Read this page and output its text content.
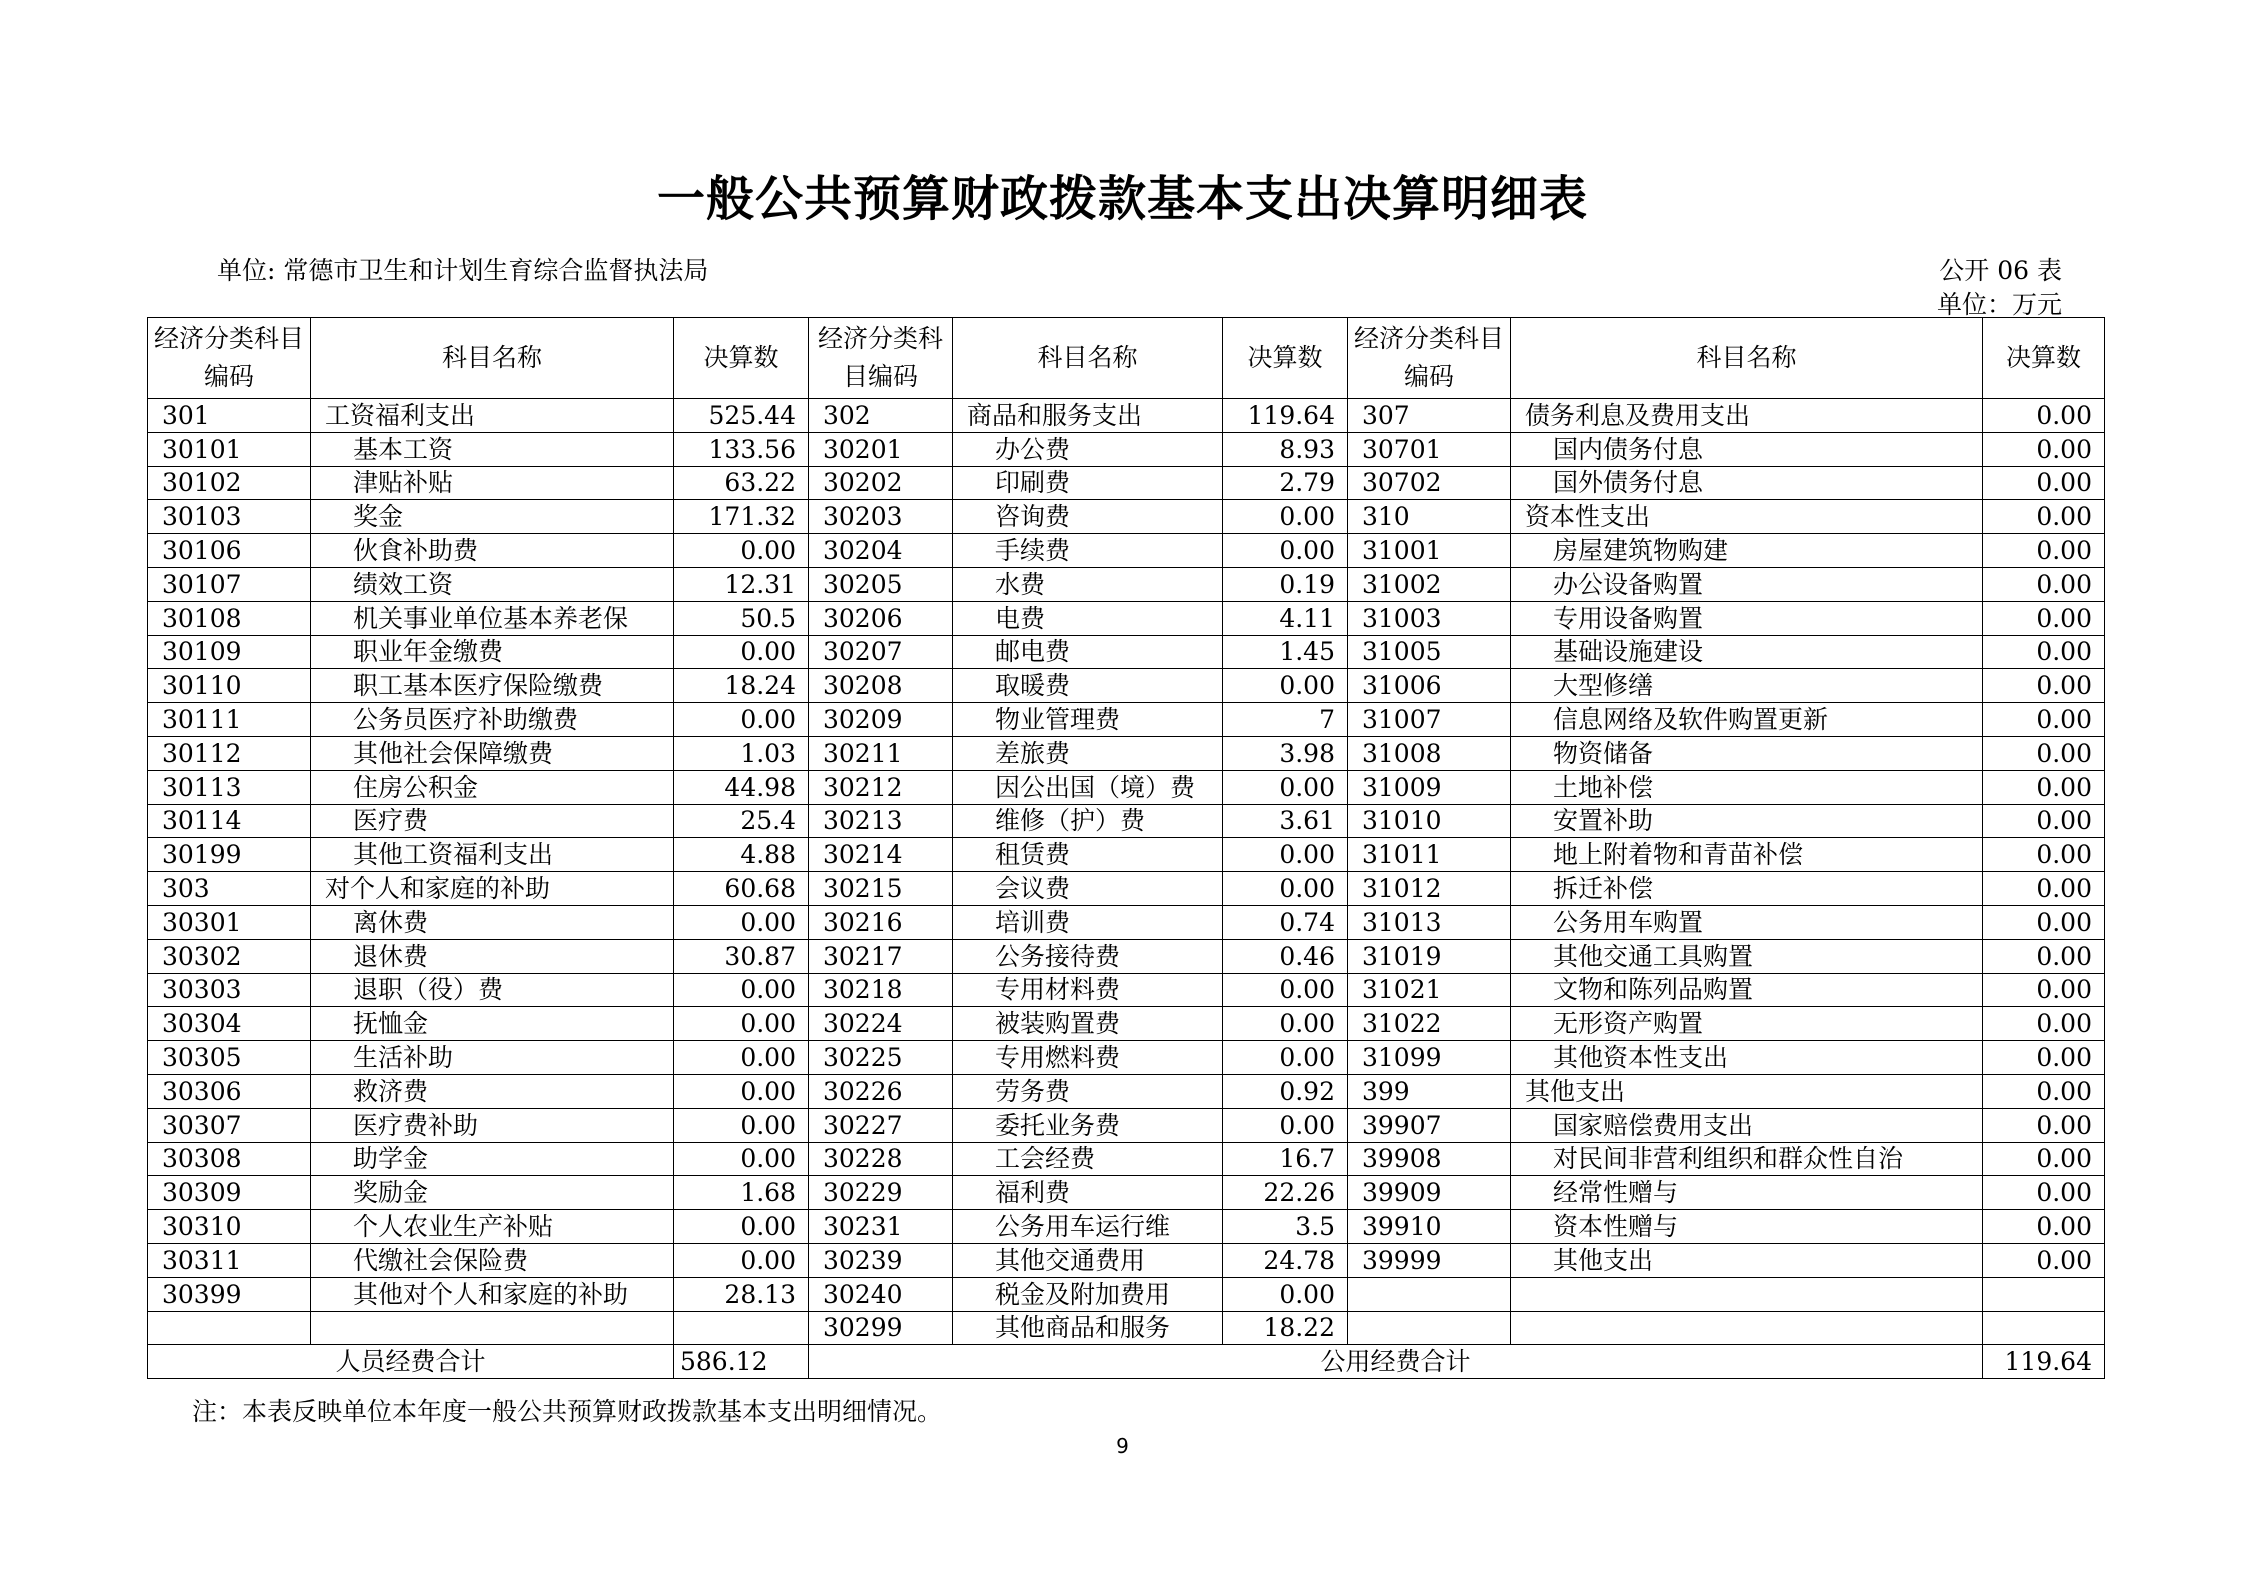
一般公共预算财政拨款基本支出决算明细表
单位: 常德市卫生和计划生育综合监督执法局	公开 06 表
单位：万元
经济分类科目编码	科目名称	决算数	经济分类科目编码	科目名称	决算数	经济分类科目编码	科目名称	决算数
301	工资福利支出	525.44	302	商品和服务支出	119.64	307	债务利息及费用支出	0.00
30101	基本工资	133.56	30201	办公费	8.93	30701	国内债务付息	0.00
30102	津贴补贴	63.22	30202	印刷费	2.79	30702	国外债务付息	0.00
30103	奖金	171.32	30203	咨询费	0.00	310	资本性支出	0.00
30106	伙食补助费	0.00	30204	手续费	0.00	31001	房屋建筑物购建	0.00
30107	绩效工资	12.31	30205	水费	0.19	31002	办公设备购置	0.00
30108	机关事业单位基本养老保	50.5	30206	电费	4.11	31003	专用设备购置	0.00
30109	职业年金缴费	0.00	30207	邮电费	1.45	31005	基础设施建设	0.00
30110	职工基本医疗保险缴费	18.24	30208	取暖费	0.00	31006	大型修缮	0.00
30111	公务员医疗补助缴费	0.00	30209	物业管理费	7	31007	信息网络及软件购置更新	0.00
30112	其他社会保障缴费	1.03	30211	差旅费	3.98	31008	物资储备	0.00
30113	住房公积金	44.98	30212	因公出国（境）费	0.00	31009	土地补偿	0.00
30114	医疗费	25.4	30213	维修（护）费	3.61	31010	安置补助	0.00
30199	其他工资福利支出	4.88	30214	租赁费	0.00	31011	地上附着物和青苗补偿	0.00
303	对个人和家庭的补助	60.68	30215	会议费	0.00	31012	拆迁补偿	0.00
30301	离休费	0.00	30216	培训费	0.74	31013	公务用车购置	0.00
30302	退休费	30.87	30217	公务接待费	0.46	31019	其他交通工具购置	0.00
30303	退职（役）费	0.00	30218	专用材料费	0.00	31021	文物和陈列品购置	0.00
30304	抚恤金	0.00	30224	被装购置费	0.00	31022	无形资产购置	0.00
30305	生活补助	0.00	30225	专用燃料费	0.00	31099	其他资本性支出	0.00
30306	救济费	0.00	30226	劳务费	0.92	399	其他支出	0.00
30307	医疗费补助	0.00	30227	委托业务费	0.00	39907	国家赔偿费用支出	0.00
30308	助学金	0.00	30228	工会经费	16.7	39908	对民间非营利组织和群众性自治	0.00
30309	奖励金	1.68	30229	福利费	22.26	39909	经常性赠与	0.00
30310	个人农业生产补贴	0.00	30231	公务用车运行维	3.5	39910	资本性赠与	0.00
30311	代缴社会保险费	0.00	30239	其他交通费用	24.78	39999	其他支出	0.00
30399	其他对个人和家庭的补助	28.13	30240	税金及附加费用	0.00			
			30299	其他商品和服务	18.22			
人员经费合计		586.12	公用经费合计					119.64
注：本表反映单位本年度一般公共预算财政拨款基本支出明细情况。
9
